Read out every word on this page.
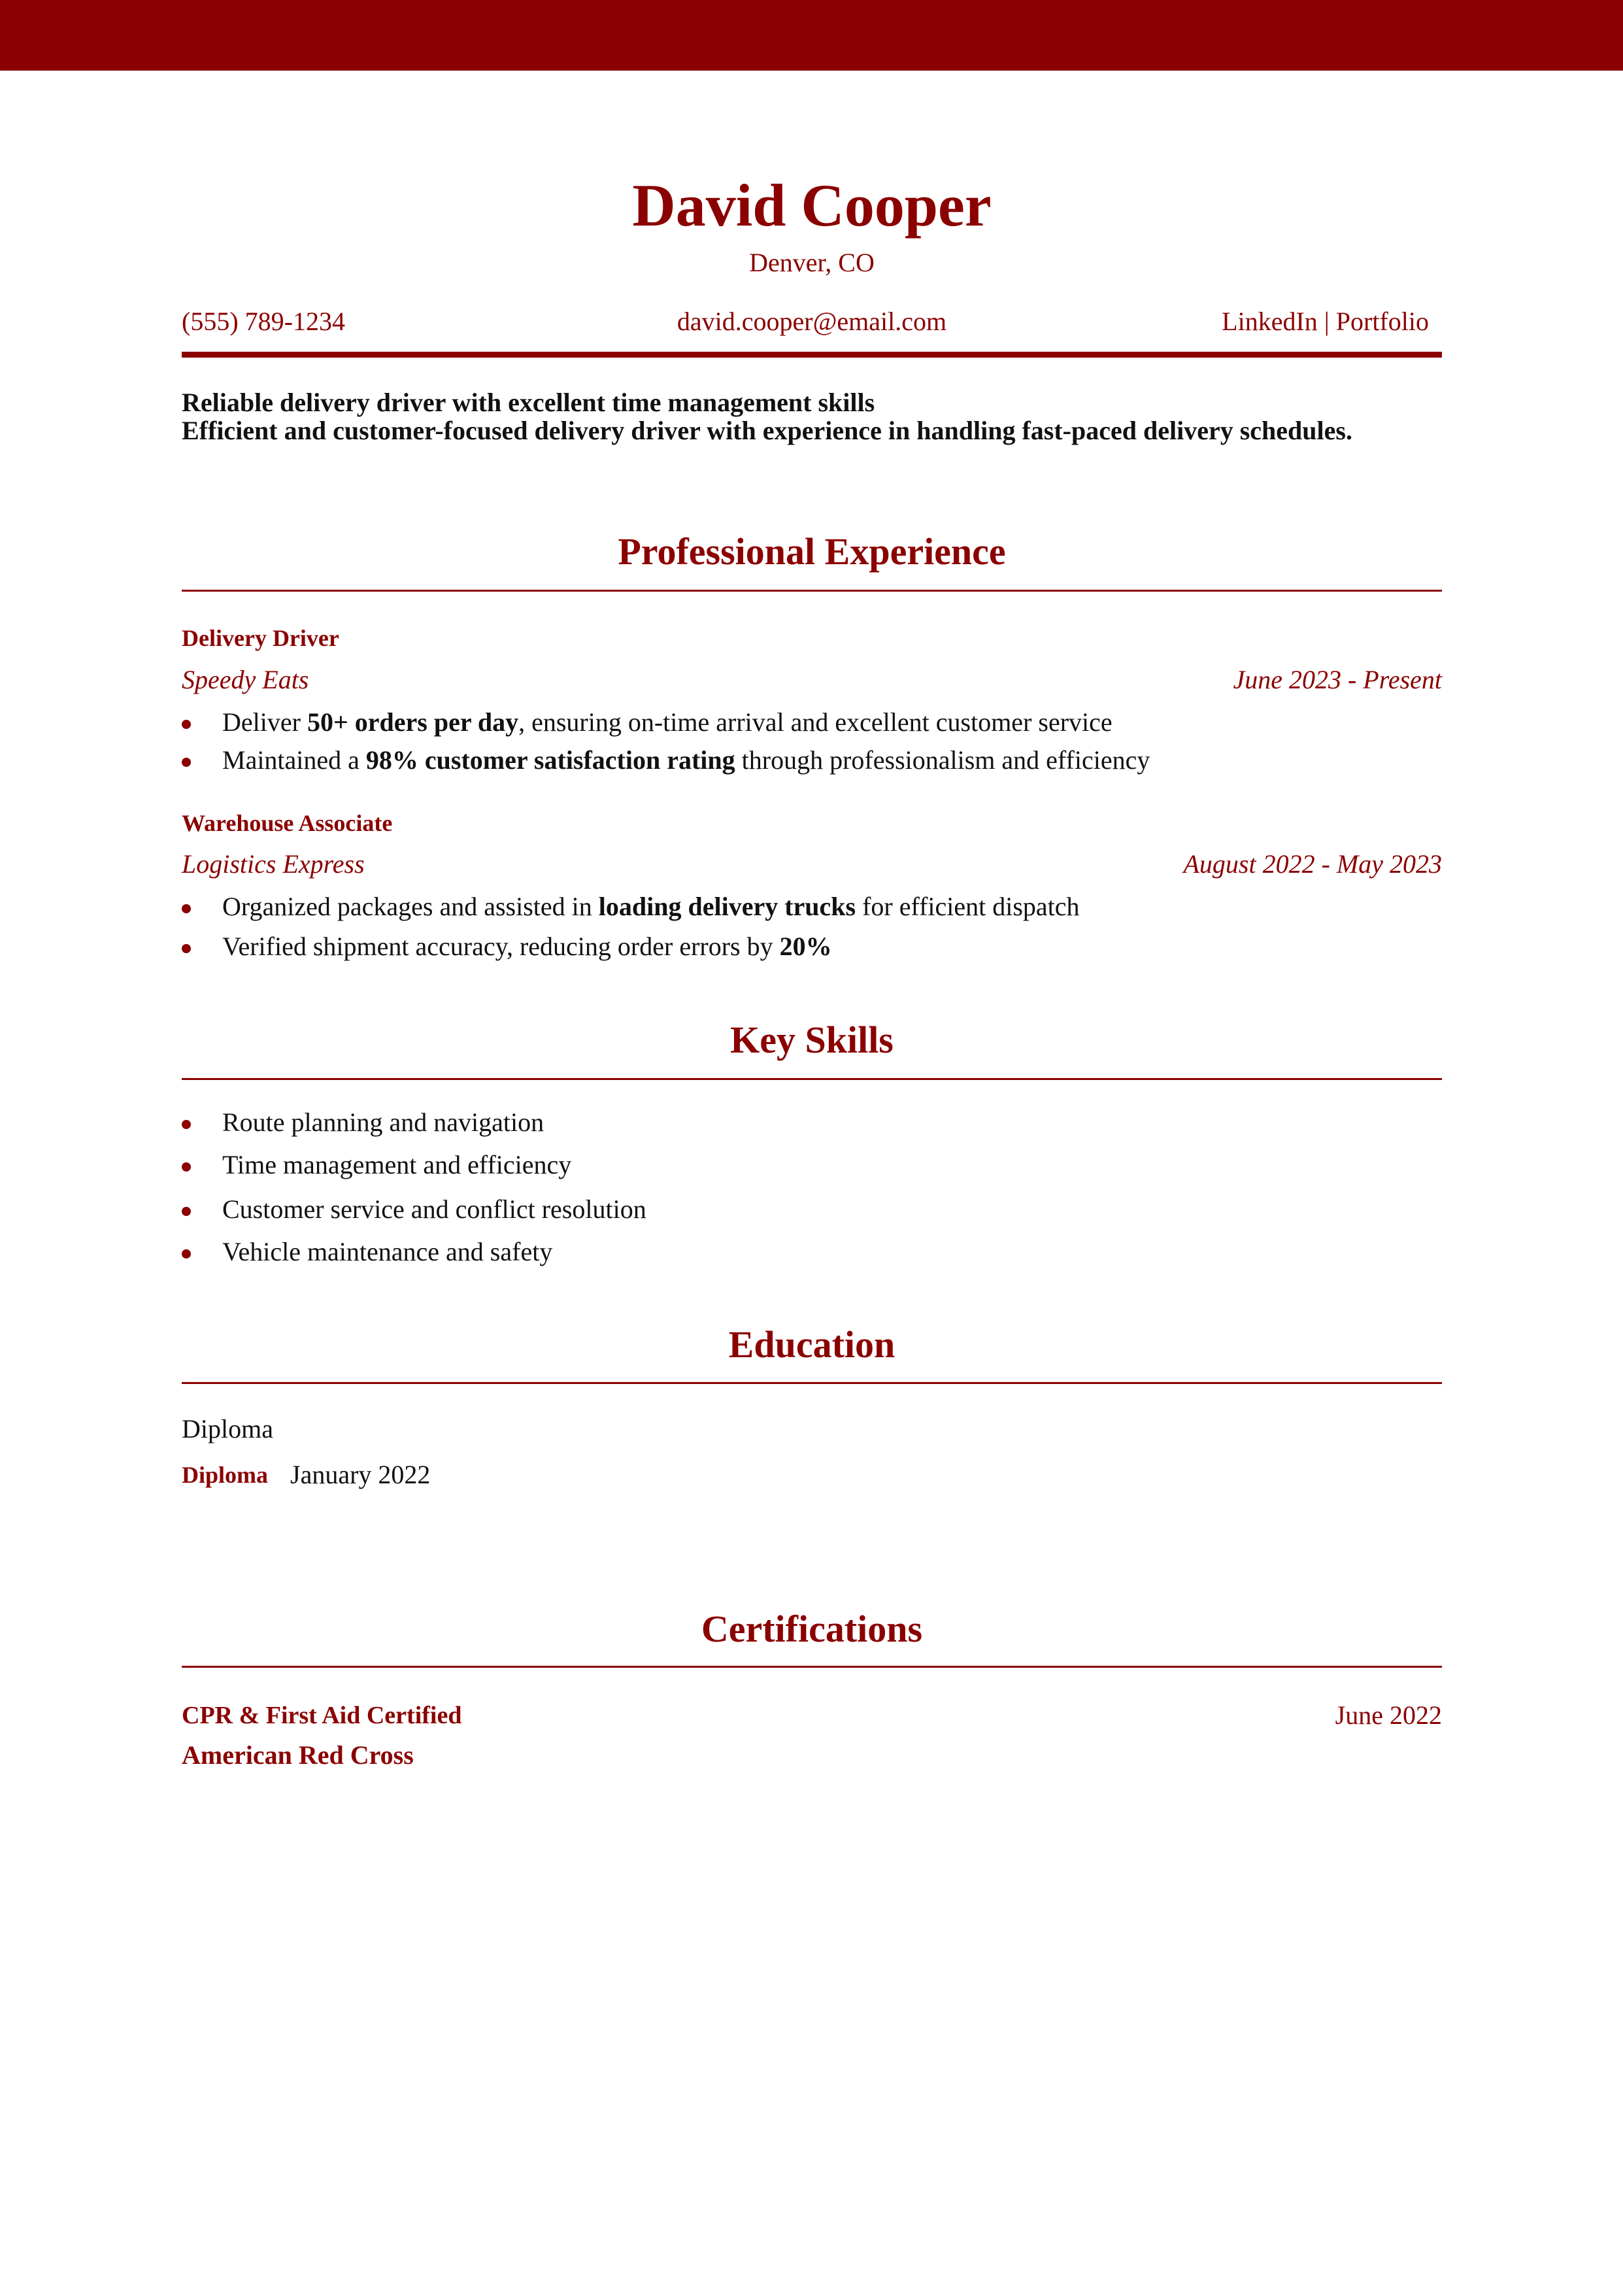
David Cooper
Denver, CO
(555) 789-1234	david.cooper@email.com	LinkedIn | Portfolio
Reliable delivery driver with excellent time management skills
Efficient and customer-focused delivery driver with experience in handling fast-paced delivery schedules.
Professional Experience
Delivery Driver
Speedy Eats	June 2023 - Present
Deliver 50+ orders per day, ensuring on-time arrival and excellent customer service
Maintained a 98% customer satisfaction rating through professionalism and efficiency
Warehouse Associate
Logistics Express	August 2022 - May 2023
Organized packages and assisted in loading delivery trucks for efficient dispatch
Verified shipment accuracy, reducing order errors by 20%
Key Skills
Route planning and navigation
Time management and efficiency
Customer service and conflict resolution
Vehicle maintenance and safety
Education
Diploma
Diploma January 2022
Certifications
CPR & First Aid Certified	June 2022
American Red Cross
